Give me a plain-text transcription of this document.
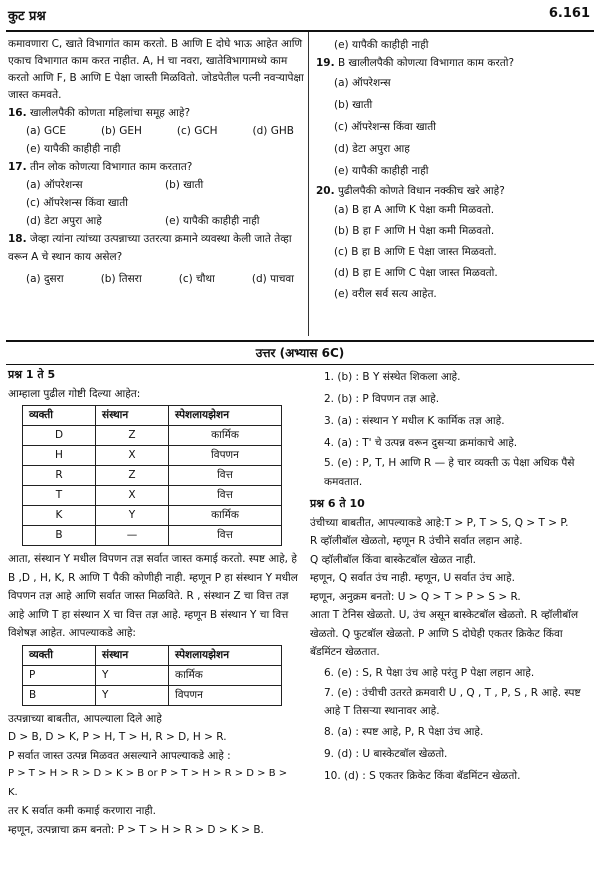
कुट प्रश्न	6.161
कमावणारा C, खाते विभागांत काम करतो. B आणि E दोघे भाऊ आहेत आणि एकाच विभागात काम करत नाहीत. A, H चा नवरा, खातेविभागामध्ये काम करतो आणि F, B आणि E पेक्षा जास्ती मिळवितो. जोडपेतील पत्नी नवऱ्यापेक्षा जास्त कमवते.
16. खालीलपैकी कोणता महिलांचा समूह आहे?
(a) GCE	(b) GEH	(c) GCH	(d) GHB
(e) यापैकी काहीही नाही
17. तीन लोक कोणत्या विभागात काम करतात?
(a) ऑपरेशन्स	(b) खाती
(c) ऑपरेशन्स किंवा खाती
(d) डेटा अपुरा आहे	(e) यापैकी काहीही नाही
18. जेव्हा त्यांना त्यांच्या उत्पन्नाच्या उतरत्या क्रमाने व्यवस्था केली जाते तेव्हा वरून A चे स्थान काय असेल?
(a) दुसरा	(b) तिसरा	(c) चौथा	(d) पाचवा
(e) यापैकी काहीही नाही
19. B खालीलपैकी कोणत्या विभागात काम करतो?
(a) ऑपरेशन्स
(b) खाती
(c) ऑपरेशन्स किंवा खाती
(d) डेटा अपुरा आह
(e) यापैकी काहीही नाही
20. पुढीलपैकी कोणते विधान नक्कीच खरे आहे?
(a) B हा A आणि K पेक्षा कमी मिळवतो.
(b) B हा F आणि H पेक्षा कमी मिळवतो.
(c) B हा B आणि E पेक्षा जास्त मिळवतो.
(d) B हा E आणि C पेक्षा जास्त मिळवतो.
(e) वरील सर्व सत्य आहेत.
उत्तर (अभ्यास 6C)
प्रश्न 1 ते 5
आम्हाला पुढील गोष्टी दिल्या आहेत:
व्यक्ती	संस्थान	स्पेशलायझेशन
D	Z	कार्मिक
H	X	विपणन
R	Z	वित्त
T	X	वित्त
K	Y	कार्मिक
B	—	वित्त
आता, संस्थान Y मधील विपणन तज्ञ सर्वात जास्त कमाई करतो. स्पष्ट आहे, हे B ,D , H, K, R आणि T पैकी कोणीही नाही. म्हणून P हा संस्थान Y मधील विपणन तज्ञ आहे आणि सर्वात जास्त मिळविते. R , संस्थान Z चा वित्त तज्ञ आहे आणि T हा संस्थान X चा वित्त तज्ञ आहे. म्हणून B संस्थान Y चा वित्त विशेषज्ञ आहेत. आपल्याकडे आहे:
व्यक्ती	संस्थान	स्पेशलायझेशन
P	Y	कार्मिक
B	Y	विपणन
उत्पन्नाच्या बाबतीत, आपल्याला दिले आहे
D > B, D > K, P > H, T > H, R > D, H > R.
P सर्वात जास्त उत्पन्न मिळवत असल्याने आपल्याकडे आहे :
P > T > H > R > D > K > B or P > T > H > R > D > B > K.
तर K सर्वात कमी कमाई करणारा नाही.
म्हणून, उत्पन्नाचा क्रम बनतो: P > T > H > R > D > K > B.
1. (b) : B Y संस्थेत शिकला आहे.
2. (b) : P विपणन तज्ञ आहे.
3. (a) : संस्थान Y मधील K कार्मिक तज्ञ आहे.
4. (a) : T' चे उत्पन्न वरून दुसऱ्या क्रमांकाचे आहे.
5. (e) : P, T, H आणि R — हे चार व्यक्ती ऊ पेक्षा अधिक पैसे कमवतात.
प्रश्न 6 ते 10
उंचीच्या बाबतीत, आपल्याकडे आहे:T > P, T > S, Q > T > P.
R व्हॉलीबॉल खेळतो, म्हणून R उंचीने सर्वात लहान आहे.
Q व्हॉलीबॉल किंवा बास्केटबॉल खेळत नाही.
म्हणून, Q सर्वात उंच नाही. म्हणून, U सर्वात उंच आहे.
म्हणून, अनुक्रम बनतो: U > Q > T > P > S > R.
आता T टेनिस खेळतो. U, उंच असून बास्केटबॉल खेळतो. R व्हॉलीबॉल खेळतो. Q फुटबॉल खेळतो. P आणि S दोघेही एकतर क्रिकेट किंवा बॅडमिंटन खेळतात.
6. (e) : S, R पेक्षा उंच आहे परंतु P पेक्षा लहान आहे.
7. (e) : उंचीची उतरते क्रमवारी U , Q , T , P, S , R आहे. स्पष्ट आहे T तिसऱ्या स्थानावर आहे.
8. (a) : स्पष्ट आहे, P, R पेक्षा उंच आहे.
9. (d) : U बास्केटबॉल खेळतो.
10. (d) : S एकतर क्रिकेट किंवा बॅडमिंटन खेळतो.
